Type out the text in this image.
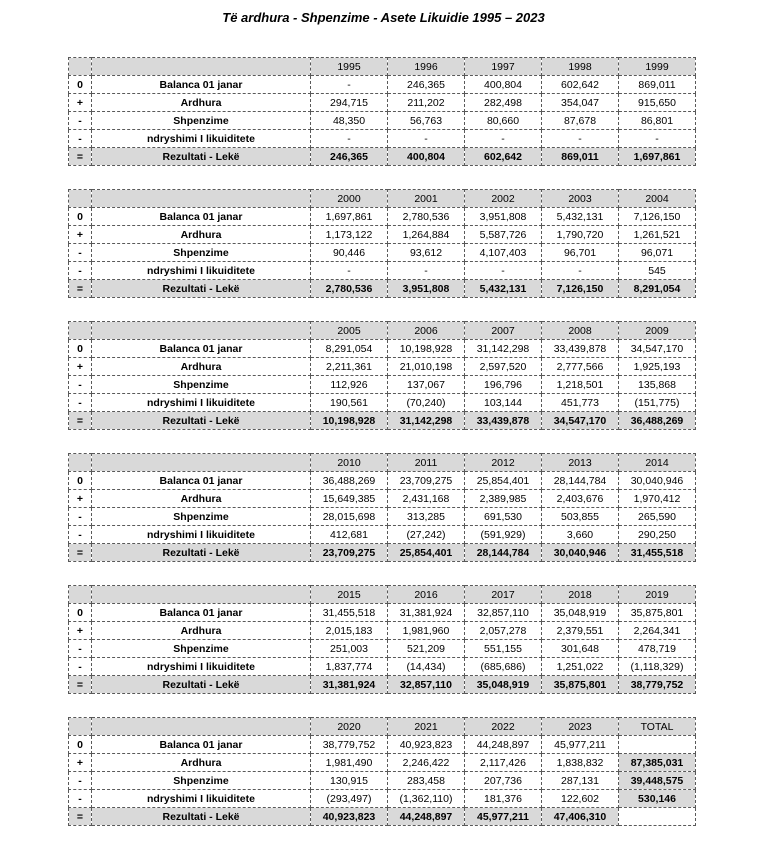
Të ardhura - Shpenzime - Asete Likuidie 1995 – 2023
		1995	1996	1997	1998	1999
0	Balanca 01 janar	-	246,365	400,804	602,642	869,011
+	Ardhura	294,715	211,202	282,498	354,047	915,650
-	Shpenzime	48,350	56,763	80,660	87,678	86,801
-	ndryshimi I likuiditete	-	-	-	-	-
=	Rezultati - Lekë	246,365	400,804	602,642	869,011	1,697,861
		2000	2001	2002	2003	2004
0	Balanca 01 janar	1,697,861	2,780,536	3,951,808	5,432,131	7,126,150
+	Ardhura	1,173,122	1,264,884	5,587,726	1,790,720	1,261,521
-	Shpenzime	90,446	93,612	4,107,403	96,701	96,071
-	ndryshimi I likuiditete	-	-	-	-	545
=	Rezultati - Lekë	2,780,536	3,951,808	5,432,131	7,126,150	8,291,054
		2005	2006	2007	2008	2009
0	Balanca 01 janar	8,291,054	10,198,928	31,142,298	33,439,878	34,547,170
+	Ardhura	2,211,361	21,010,198	2,597,520	2,777,566	1,925,193
-	Shpenzime	112,926	137,067	196,796	1,218,501	135,868
-	ndryshimi I likuiditete	190,561	(70,240)	103,144	451,773	(151,775)
=	Rezultati - Lekë	10,198,928	31,142,298	33,439,878	34,547,170	36,488,269
		2010	2011	2012	2013	2014
0	Balanca 01 janar	36,488,269	23,709,275	25,854,401	28,144,784	30,040,946
+	Ardhura	15,649,385	2,431,168	2,389,985	2,403,676	1,970,412
-	Shpenzime	28,015,698	313,285	691,530	503,855	265,590
-	ndryshimi I likuiditete	412,681	(27,242)	(591,929)	3,660	290,250
=	Rezultati - Lekë	23,709,275	25,854,401	28,144,784	30,040,946	31,455,518
		2015	2016	2017	2018	2019
0	Balanca 01 janar	31,455,518	31,381,924	32,857,110	35,048,919	35,875,801
+	Ardhura	2,015,183	1,981,960	2,057,278	2,379,551	2,264,341
-	Shpenzime	251,003	521,209	551,155	301,648	478,719
-	ndryshimi I likuiditete	1,837,774	(14,434)	(685,686)	1,251,022	(1,118,329)
=	Rezultati - Lekë	31,381,924	32,857,110	35,048,919	35,875,801	38,779,752
		2020	2021	2022	2023	TOTAL
0	Balanca 01 janar	38,779,752	40,923,823	44,248,897	45,977,211	
+	Ardhura	1,981,490	2,246,422	2,117,426	1,838,832	87,385,031
-	Shpenzime	130,915	283,458	207,736	287,131	39,448,575
-	ndryshimi I likuiditete	(293,497)	(1,362,110)	181,376	122,602	530,146
=	Rezultati - Lekë	40,923,823	44,248,897	45,977,211	47,406,310	
